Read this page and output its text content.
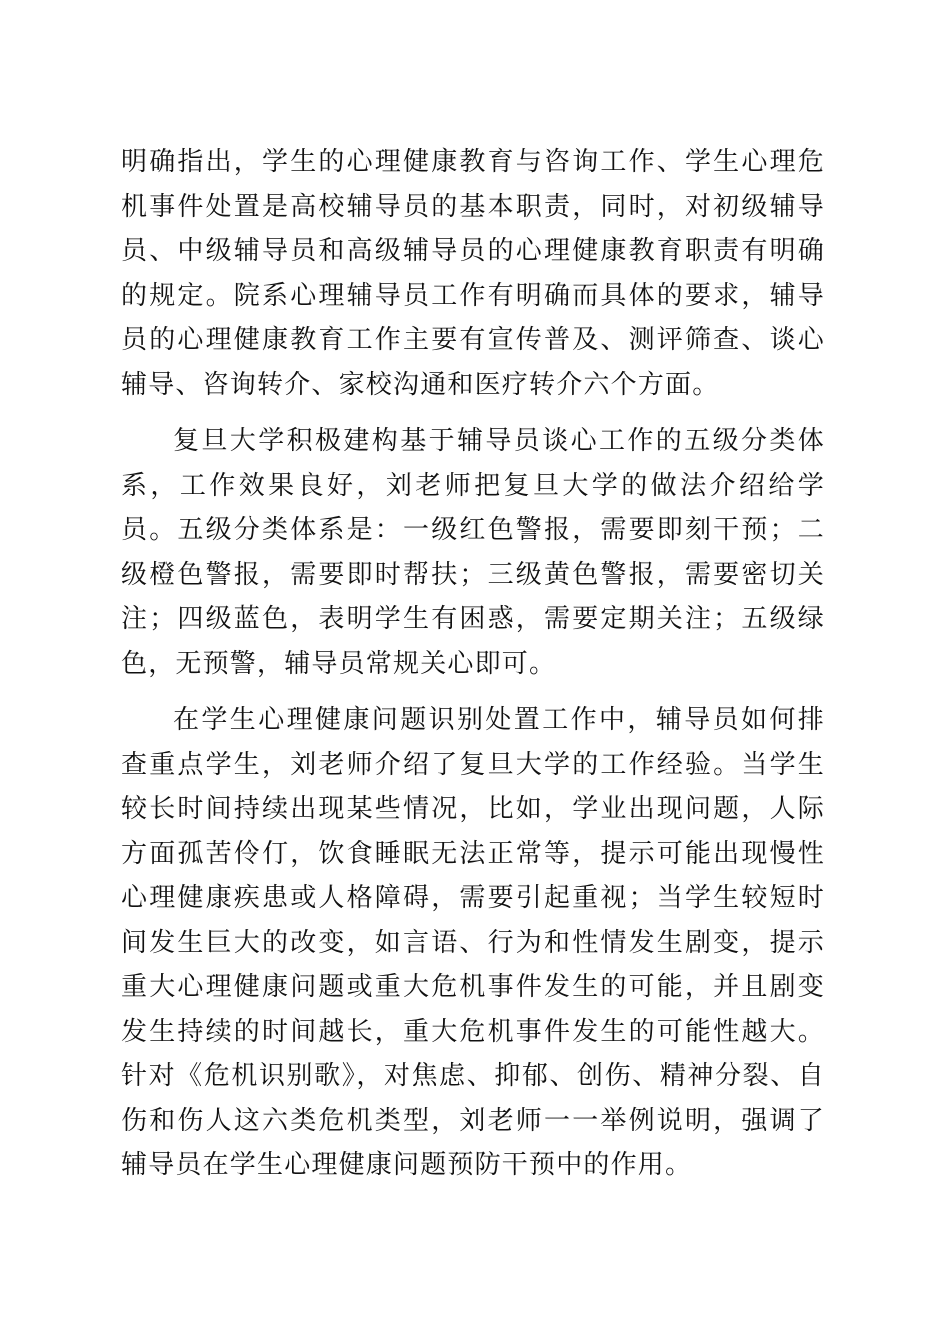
明确指出，学生的心理健康教育与咨询工作、学生心理危机事件处置是高校辅导员的基本职责，同时，对初级辅导员、中级辅导员和高级辅导员的心理健康教育职责有明确的规定。院系心理辅导员工作有明确而具体的要求，辅导员的心理健康教育工作主要有宣传普及、测评筛查、谈心辅导、咨询转介、家校沟通和医疗转介六个方面。

复旦大学积极建构基于辅导员谈心工作的五级分类体系，工作效果良好，刘老师把复旦大学的做法介绍给学员。五级分类体系是：一级红色警报，需要即刻干预；二级橙色警报，需要即时帮扶；三级黄色警报，需要密切关注；四级蓝色，表明学生有困惑，需要定期关注；五级绿色，无预警，辅导员常规关心即可。

在学生心理健康问题识别处置工作中，辅导员如何排查重点学生，刘老师介绍了复旦大学的工作经验。当学生较长时间持续出现某些情况，比如，学业出现问题，人际方面孤苦伶仃，饮食睡眠无法正常等，提示可能出现慢性心理健康疾患或人格障碍，需要引起重视；当学生较短时间发生巨大的改变，如言语、行为和性情发生剧变，提示重大心理健康问题或重大危机事件发生的可能，并且剧变发生持续的时间越长，重大危机事件发生的可能性越大。针对《危机识别歌》，对焦虑、抑郁、创伤、精神分裂、自伤和伤人这六类危机类型，刘老师一一举例说明，强调了辅导员在学生心理健康问题预防干预中的作用。
